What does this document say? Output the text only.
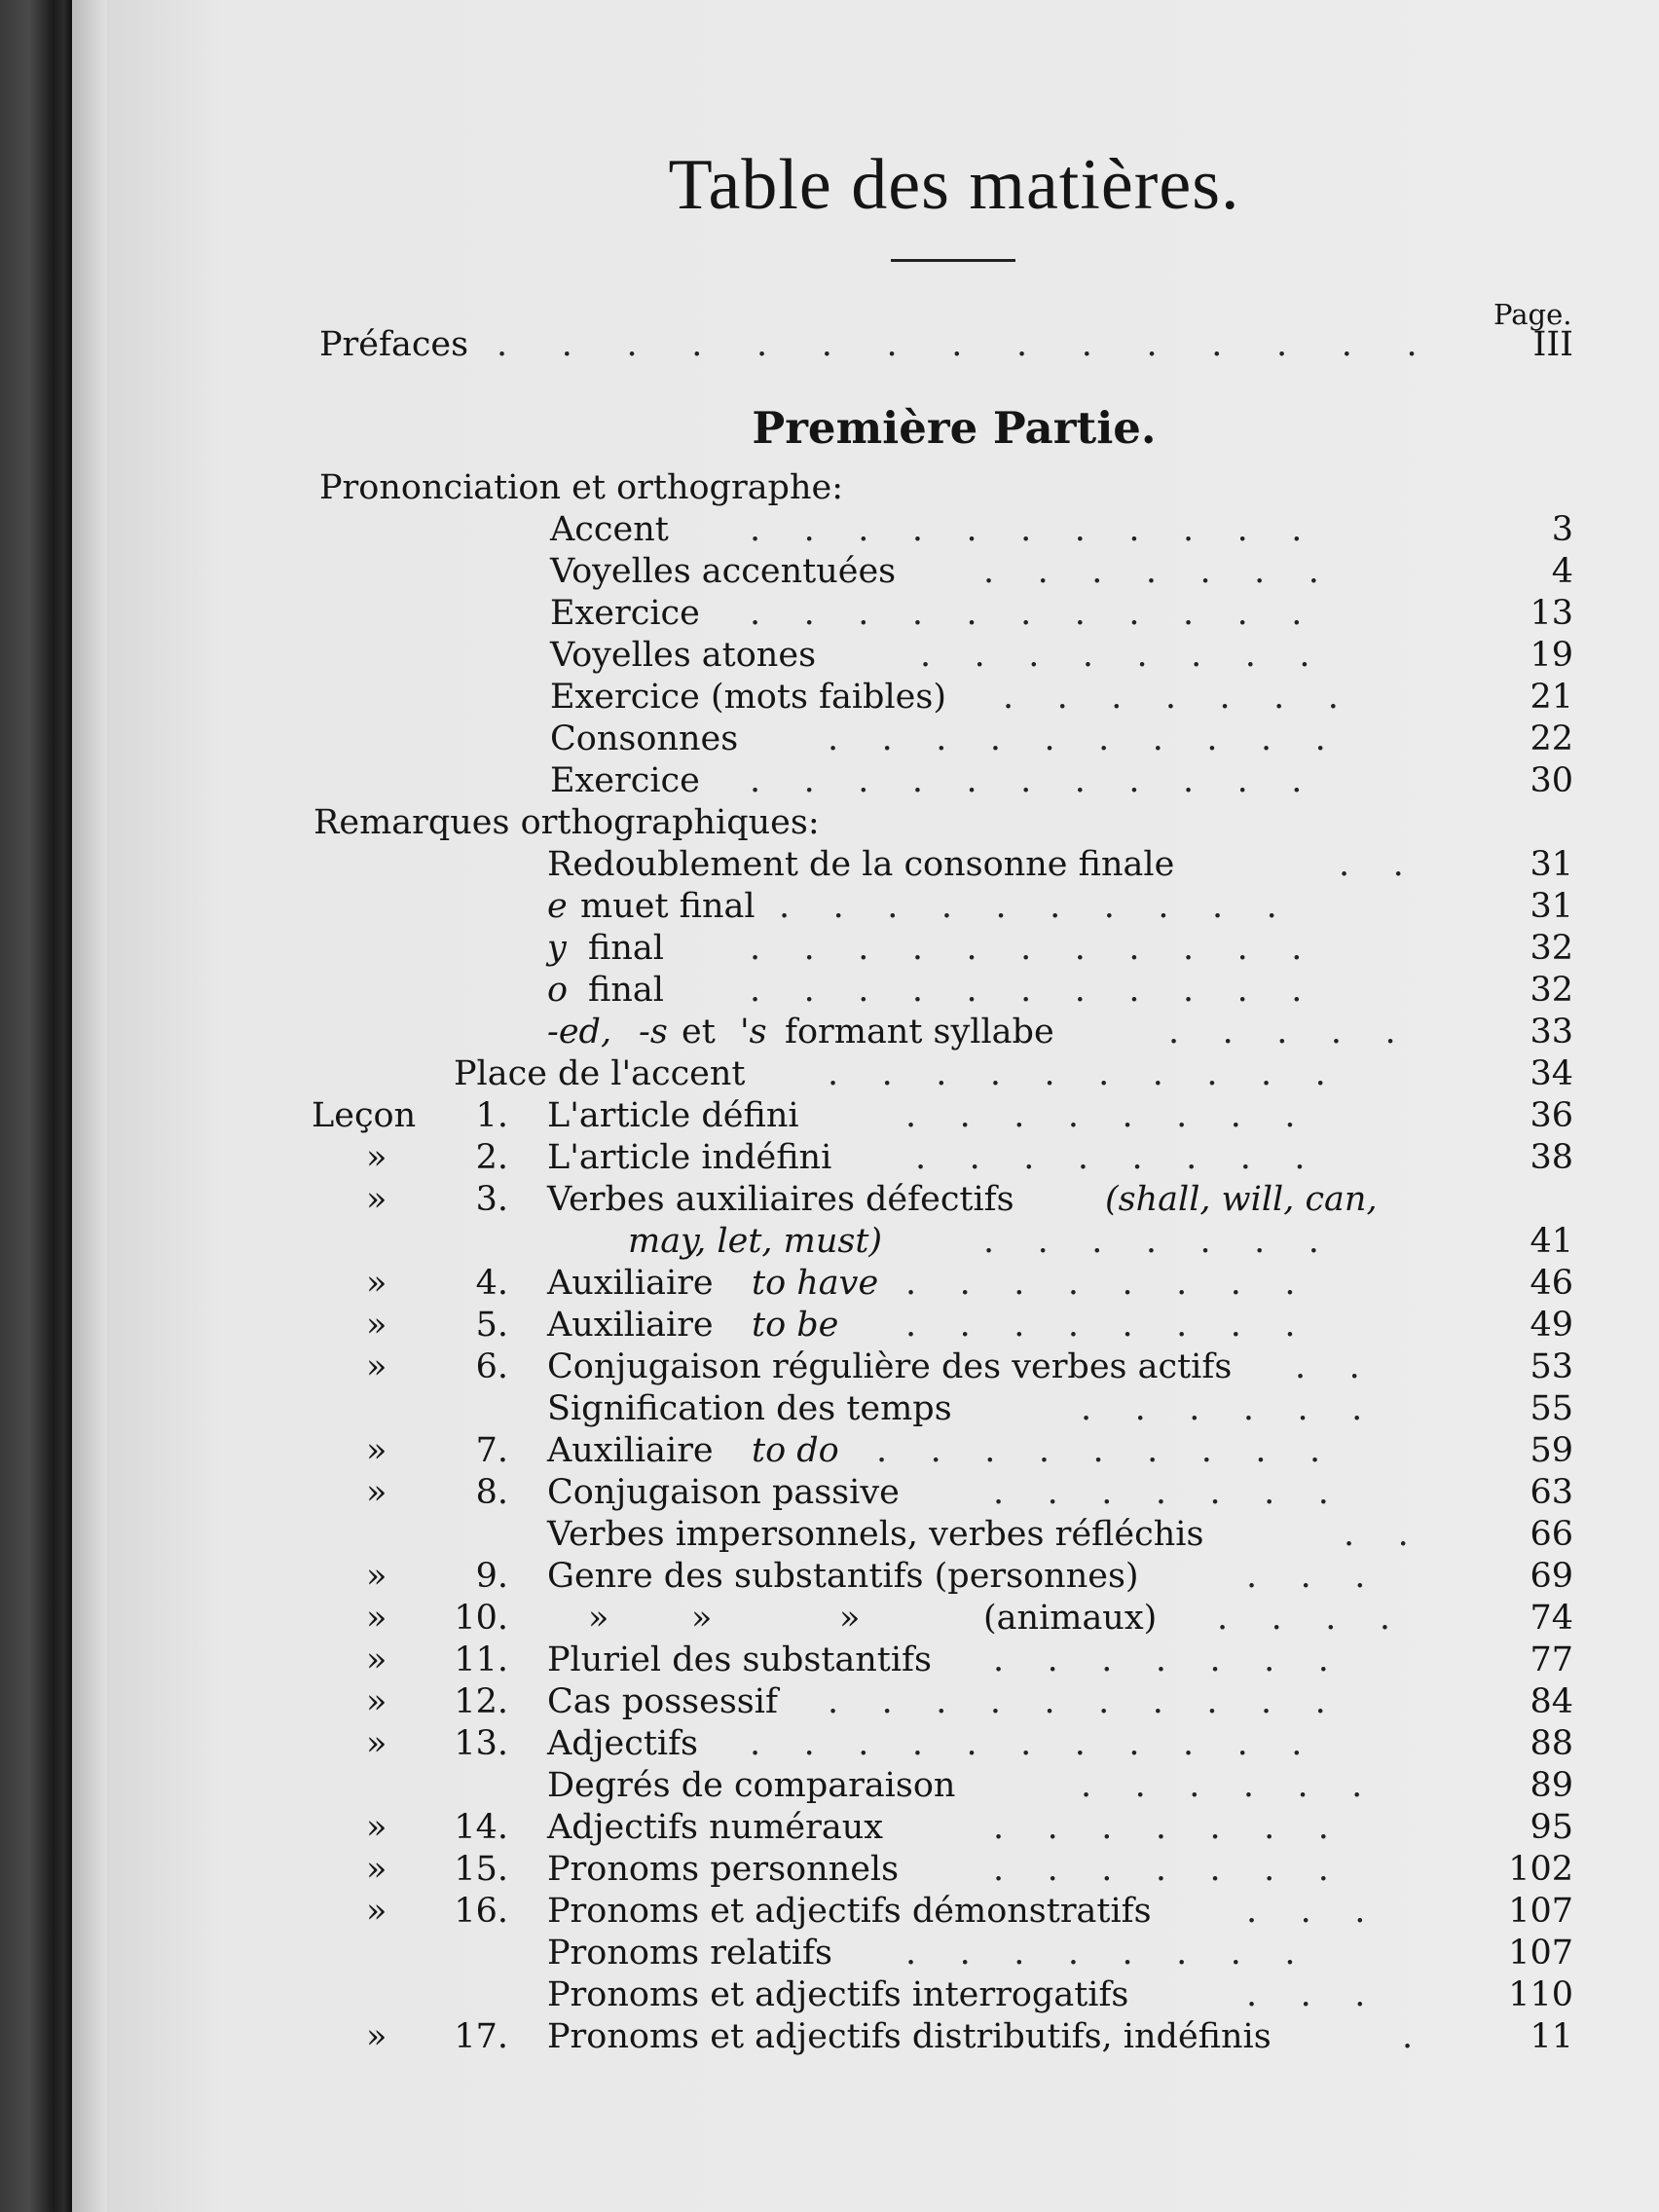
Table des matières.
Page.
Préfaces .     .     .     .     .     .     .     .     .     .     .     .     .     .     .	III
Première Partie.
Prononciation et orthographe:
Accent .    .    .    .    .    .    .    .    .    .    .	3
Voyelles accentuées	.    .    .    .    .    .    .	4
Exercice .    .    .    .    .    .    .    .    .    .    .	13
Voyelles atones	.    .    .    .    .    .    .    .	19
Exercice (mots faibles) .    .    .    .    .    .    .	21
Consonnes	.    .    .    .    .    .    .    .    .    .	22
Exercice .    .    .    .    .    .    .    .    .    .    .	30
Remarques orthographiques:
Redoublement de la consonne finale	.    .	31
e muet final .    .    .    .    .    .    .    .    .    .	31
y final	.    .    .    .    .    .    .    .    .    .    .	32
o final	.    .    .    .    .    .    .    .    .    .    .	32
-ed, -s et 's formant syllabe	.    .    .    .    .	33
Place de l'accent .    .    .    .    .    .    .    .    .    .	34
Leçon	1. L'article défini	.    .    .    .    .    .    .    .	36
»	2. L'article indéfini .    .    .    .    .    .    .    .	38
»	3. Verbes auxiliaires défectifs	(shall, will, can,
may, let, must)	.    .    .    .    .    .    .	41
»	4. Auxiliaire to have .    .    .    .    .    .    .    .	46
»	5. Auxiliaire to be .    .    .    .    .    .    .    .	49
»	6. Conjugaison régulière des verbes actifs .    .	53
Signification des temps	.    .    .    .    .    .	55
»	7. Auxiliaire to do .    .    .    .    .    .    .    .    .	59
»	8. Conjugaison passive	.    .    .    .    .    .    .	63
Verbes impersonnels, verbes réfléchis	.    .	66
»	9. Genre des substantifs (personnes)	.    .    .	69
» 10. » »	»	(animaux) .    .    .    .	74
» 11. Pluriel des substantifs .    .    .    .    .    .    .	77
» 12. Cas possessif .    .    .    .    .    .    .    .    .    .	84
» 13. Adjectifs .    .    .    .    .    .    .    .    .    .    .	88
Degrés de comparaison	.    .    .    .    .    .	89
» 14. Adjectifs numéraux	.    .    .    .    .    .    .	95
» 15. Pronoms personnels	.    .    .    .    .    .    .	102
» 16. Pronoms et adjectifs démonstratifs	.    .    .	107
Pronoms relatifs .    .    .    .    .    .    .    .	107
Pronoms et adjectifs interrogatifs	.    .    .	110
» 17. Pronoms et adjectifs distributifs, indéfinis	.	11
